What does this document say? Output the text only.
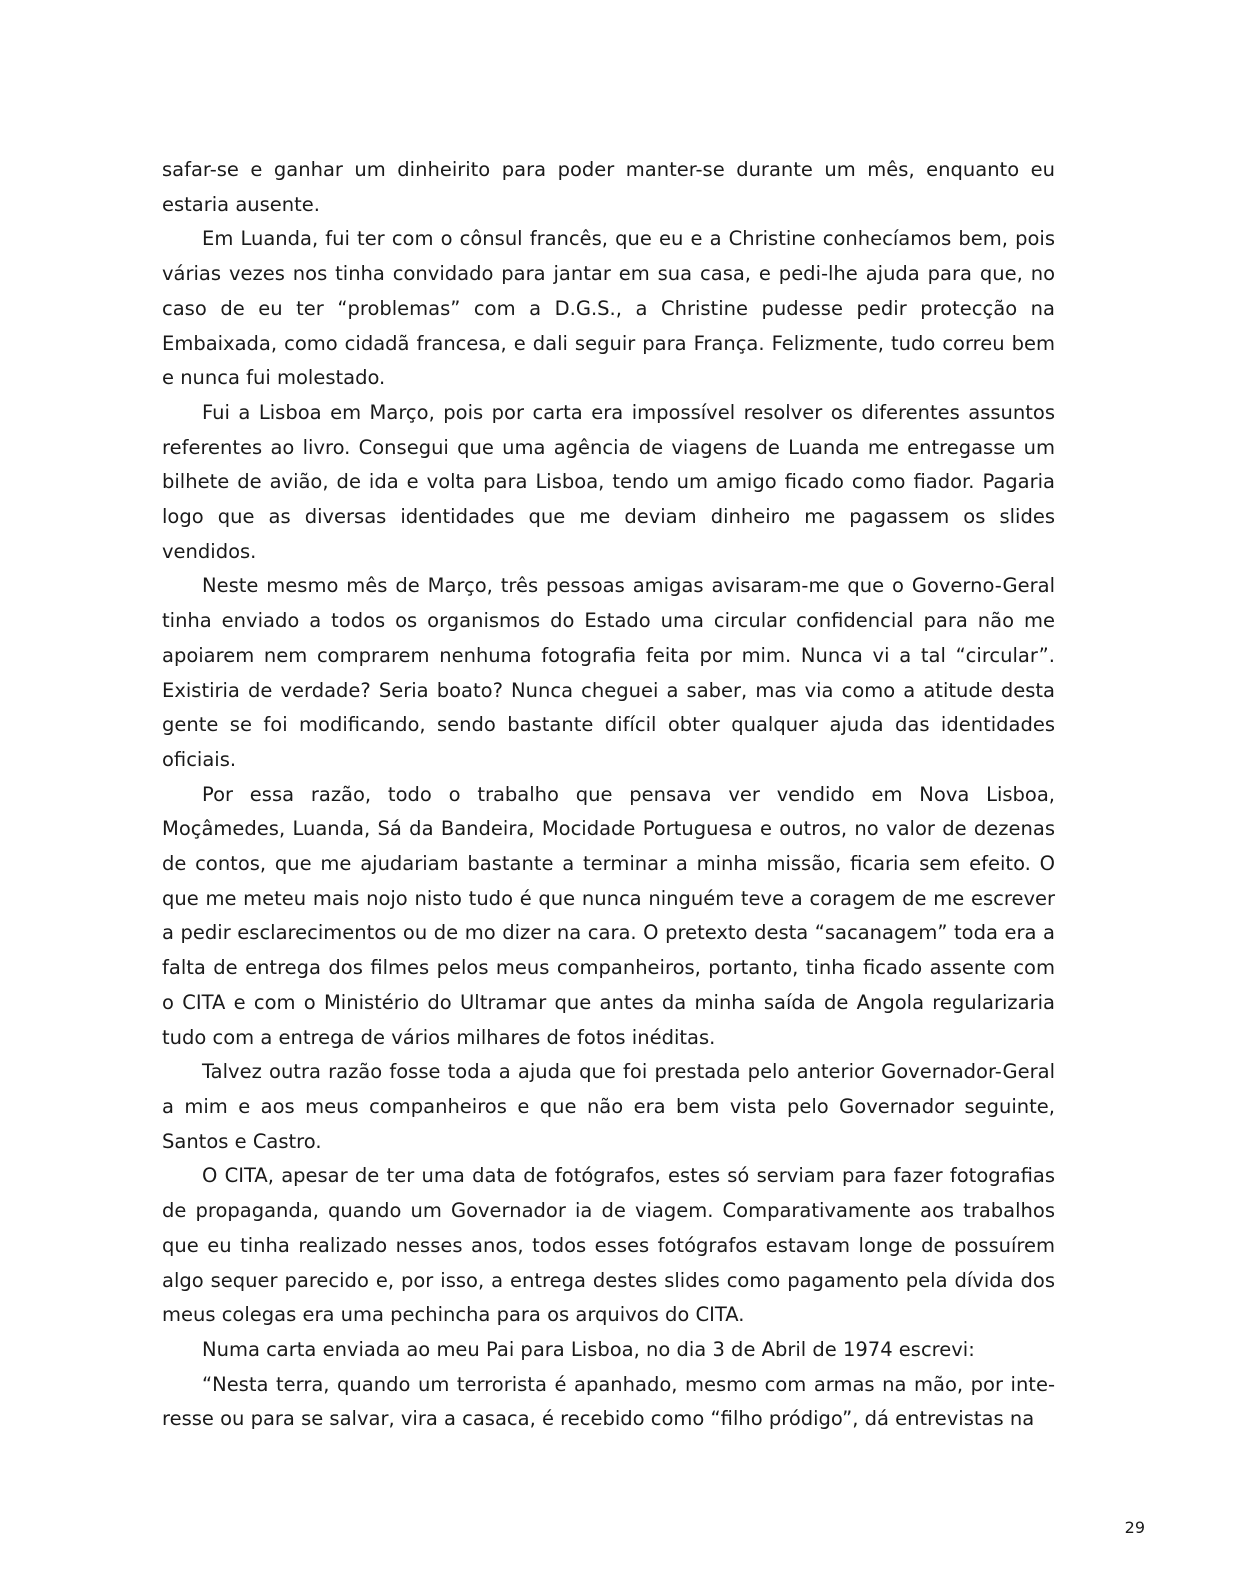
safar-se e ganhar um dinheirito para poder manter-se durante um mês, enquanto eu estaria ausente.

Em Luanda, fui ter com o cônsul francês, que eu e a Christine conhecíamos bem, pois várias vezes nos tinha convidado para jantar em sua casa, e pedi-lhe ajuda para que, no caso de eu ter “problemas” com a D.G.S., a Christine pudesse pedir protecção na Embaixada, como cidadã francesa, e dali seguir para França. Felizmente, tudo correu bem e nunca fui molestado.

Fui a Lisboa em Março, pois por carta era impossível resolver os diferentes assuntos referentes ao livro. Consegui que uma agência de viagens de Luanda me entregasse um bilhete de avião, de ida e volta para Lisboa, tendo um amigo ficado como fiador. Pagaria logo que as diversas identidades que me deviam dinheiro me pagassem os slides vendidos.

Neste mesmo mês de Março, três pessoas amigas avisaram-me que o Governo-Geral tinha enviado a todos os organismos do Estado uma circular confidencial para não me apoiarem nem comprarem nenhuma fotografia feita por mim. Nunca vi a tal “circular”. Existiria de verdade? Seria boato? Nunca cheguei a saber, mas via como a atitude desta gente se foi modificando, sendo bastante difícil obter qualquer ajuda das identidades oficiais.

Por essa razão, todo o trabalho que pensava ver vendido em Nova Lisboa, Moçâmedes, Luanda, Sá da Bandeira, Mocidade Portuguesa e outros, no valor de dezenas de contos, que me ajudariam bastante a terminar a minha missão, ficaria sem efeito. O que me meteu mais nojo nisto tudo é que nunca ninguém teve a coragem de me escrever a pedir esclarecimentos ou de mo dizer na cara. O pretexto desta “sacanagem” toda era a falta de entrega dos filmes pelos meus companheiros, portanto, tinha ficado assente com o CITA e com o Ministério do Ultramar que antes da minha saída de Angola regularizaria tudo com a entrega de vários milhares de fotos inéditas.

Talvez outra razão fosse toda a ajuda que foi prestada pelo anterior Governador-Geral a mim e aos meus companheiros e que não era bem vista pelo Governador seguinte, Santos e Castro.

O CITA, apesar de ter uma data de fotógrafos, estes só serviam para fazer fotografias de propaganda, quando um Governador ia de viagem. Comparativamente aos trabalhos que eu tinha realizado nesses anos, todos esses fotógrafos estavam longe de possuírem algo sequer parecido e, por isso, a entrega destes slides como pagamento pela dívida dos meus colegas era uma pechincha para os arquivos do CITA.

Numa carta enviada ao meu Pai para Lisboa, no dia 3 de Abril de 1974 escrevi:

“Nesta terra, quando um terrorista é apanhado, mesmo com armas na mão, por interesse ou para se salvar, vira a casaca, é recebido como “filho pródigo”, dá entrevistas na

29
